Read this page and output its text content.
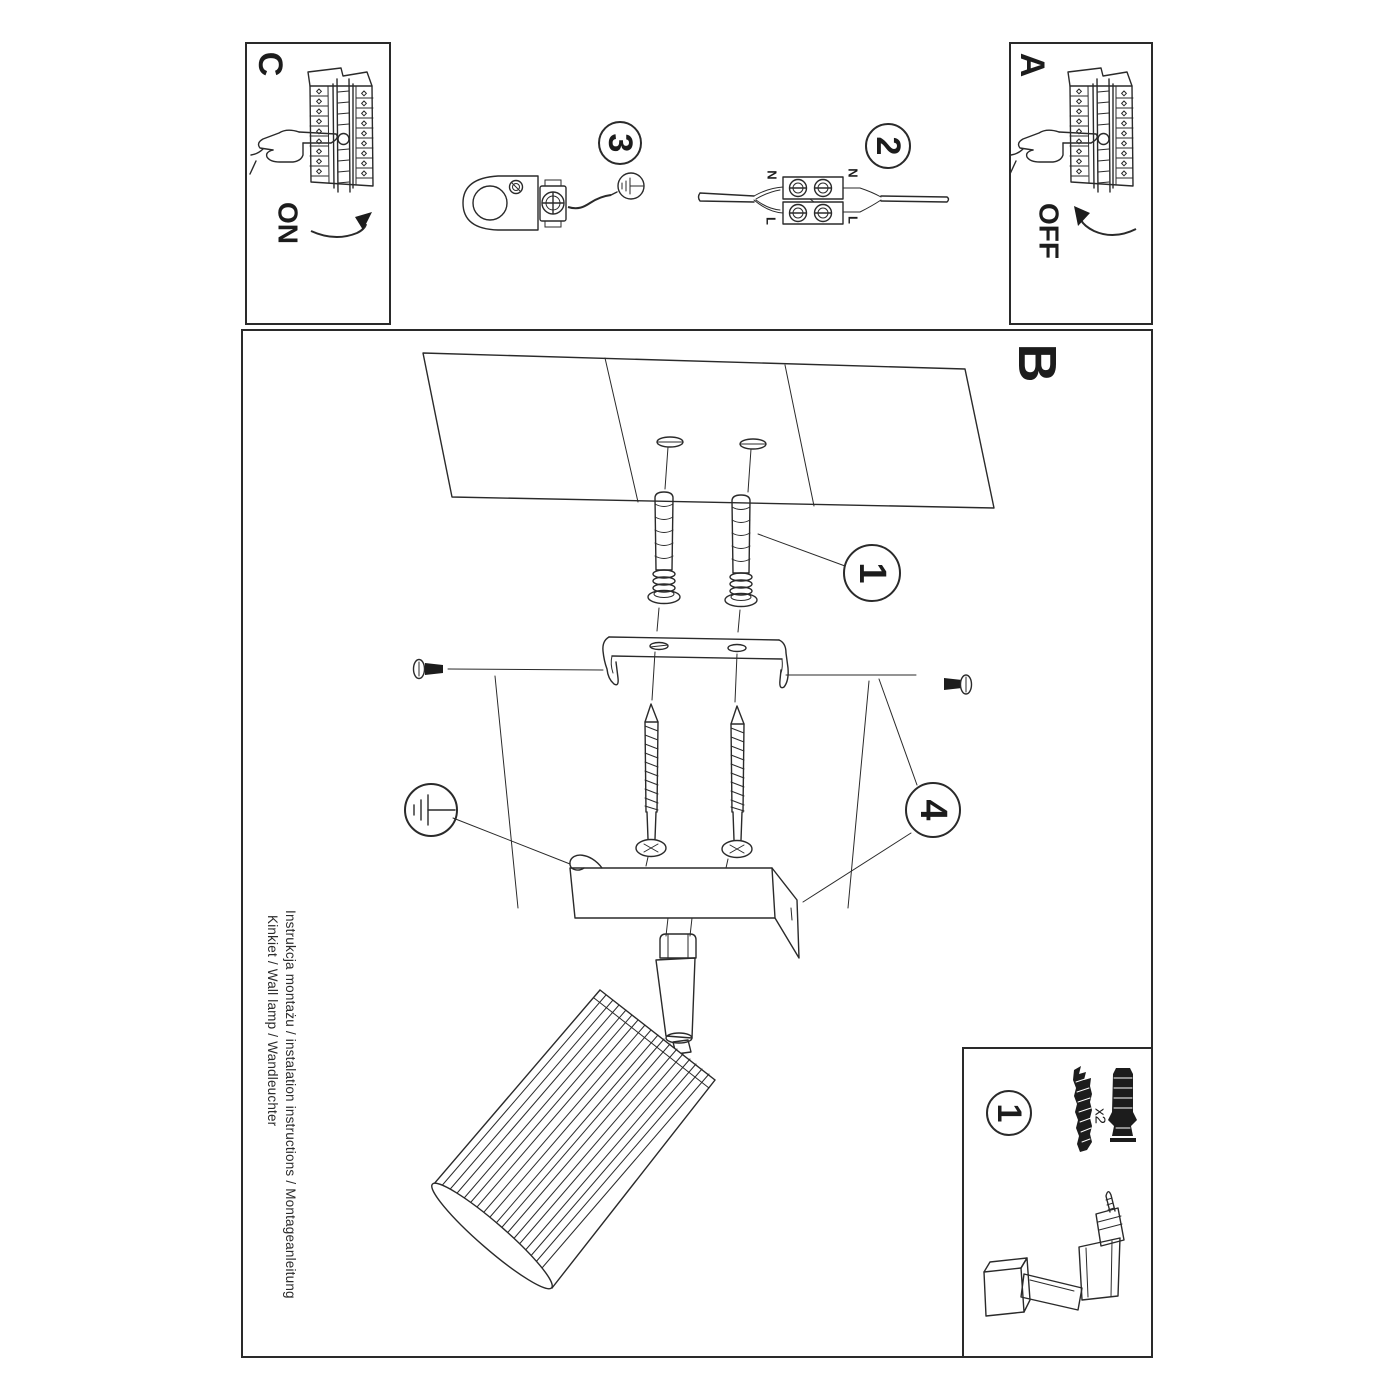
C
ON
A
OFF
3
N	N
L	L
2
B
1
4
1	x2
Instrukcja montażu / instalation instructions / Montageanleitung
Kinkiet / Wall lamp / Wandleuchter
